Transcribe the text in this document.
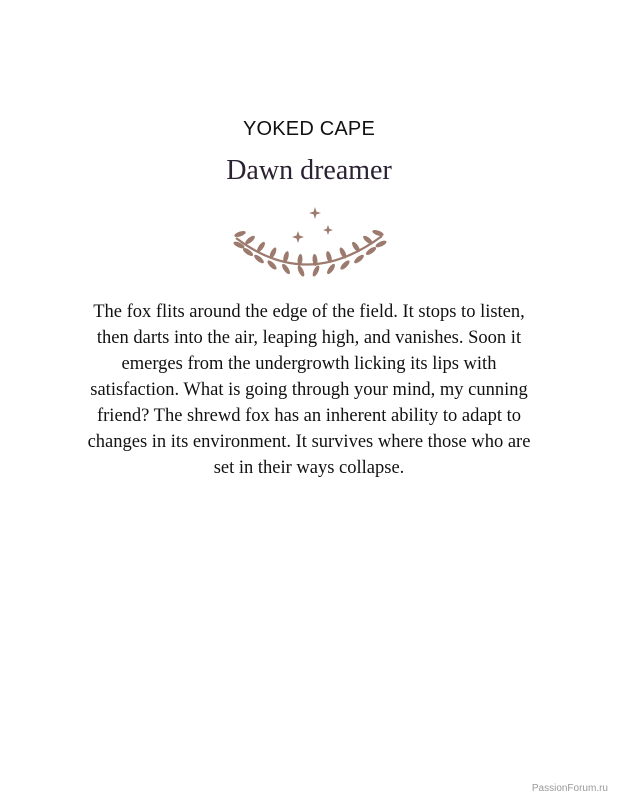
YOKED CAPE
Dawn dreamer
The fox flits around the edge of the field. It stops to listen, then darts into the air, leaping high, and vanishes. Soon it emerges from the undergrowth licking its lips with satisfaction. What is going through your mind, my cunning friend? The shrewd fox has an inherent ability to adapt to changes in its environment. It survives where those who are set in their ways collapse.
PassionForum.ru
